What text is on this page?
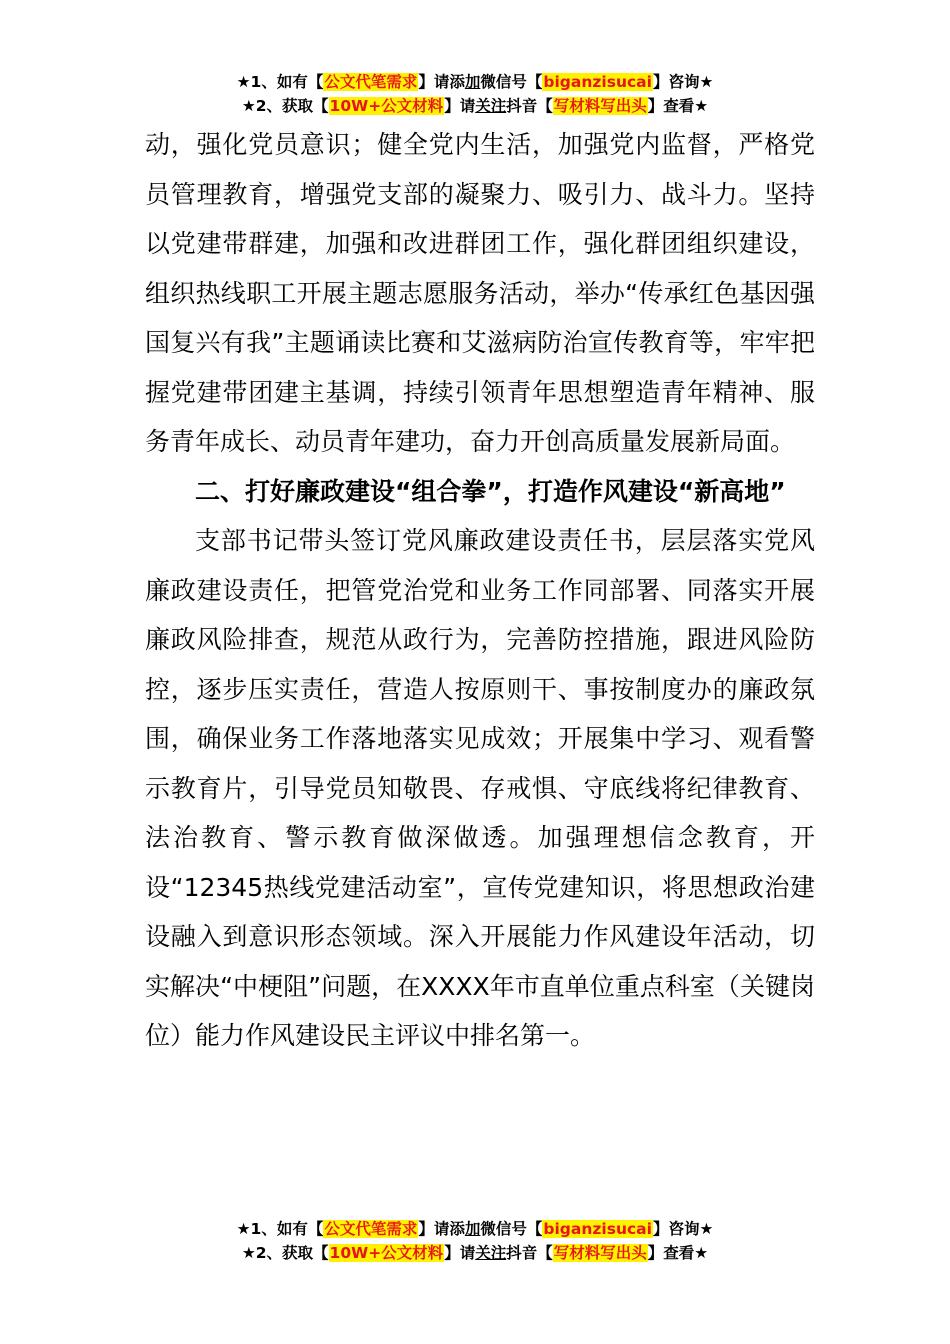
★1、如有【公文代笔需求】请添加微信号【biganzisucai】咨询★
★2、获取【10W+公文材料】请关注抖音【写材料写出头】查看★

动，强化党员意识；健全党内生活，加强党内监督，严格党员管理教育，增强党支部的凝聚力、吸引力、战斗力。坚持以党建带群建，加强和改进群团工作，强化群团组织建设，组织热线职工开展主题志愿服务活动，举办“传承红色基因强国复兴有我”主题诵读比赛和艾滋病防治宣传教育等，牢牢把握党建带团建主基调，持续引领青年思想塑造青年精神、服务青年成长、动员青年建功，奋力开创高质量发展新局面。

二、打好廉政建设“组合拳”，打造作风建设“新高地”

支部书记带头签订党风廉政建设责任书，层层落实党风廉政建设责任，把管党治党和业务工作同部署、同落实开展廉政风险排查，规范从政行为，完善防控措施，跟进风险防控，逐步压实责任，营造人按原则干、事按制度办的廉政氛围，确保业务工作落地落实见成效；开展集中学习、观看警示教育片，引导党员知敬畏、存戒惧、守底线将纪律教育、法治教育、警示教育做深做透。加强理想信念教育，开设“12345热线党建活动室”，宣传党建知识，将思想政治建设融入到意识形态领域。深入开展能力作风建设年活动，切实解决“中梗阻”问题，在XXXX年市直单位重点科室（关键岗位）能力作风建设民主评议中排名第一。

★1、如有【公文代笔需求】请添加微信号【biganzisucai】咨询★
★2、获取【10W+公文材料】请关注抖音【写材料写出头】查看★
